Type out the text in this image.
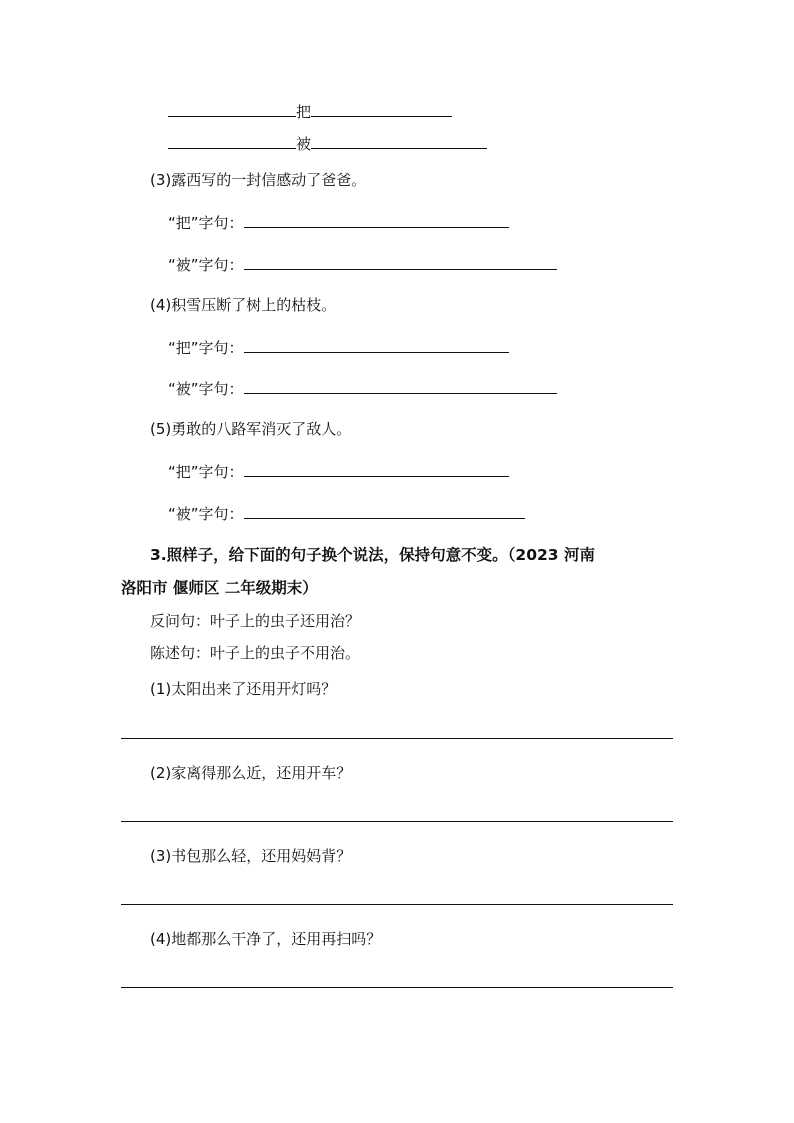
把
被
(3)露西写的一封信感动了爸爸。
“把”字句：
“被”字句：
(4)积雪压断了树上的枯枝。
“把”字句：
“被”字句：
(5)勇敢的八路军消灭了敌人。
“把”字句：
“被”字句：
3.照样子，给下面的句子换个说法，保持句意不变。（2023 河南
洛阳市 偃师区 二年级期末）
反问句：叶子上的虫子还用治？
陈述句：叶子上的虫子不用治。
(1)太阳出来了还用开灯吗？
(2)家离得那么近，还用开车？
(3)书包那么轻，还用妈妈背？
(4)地都那么干净了，还用再扫吗？
